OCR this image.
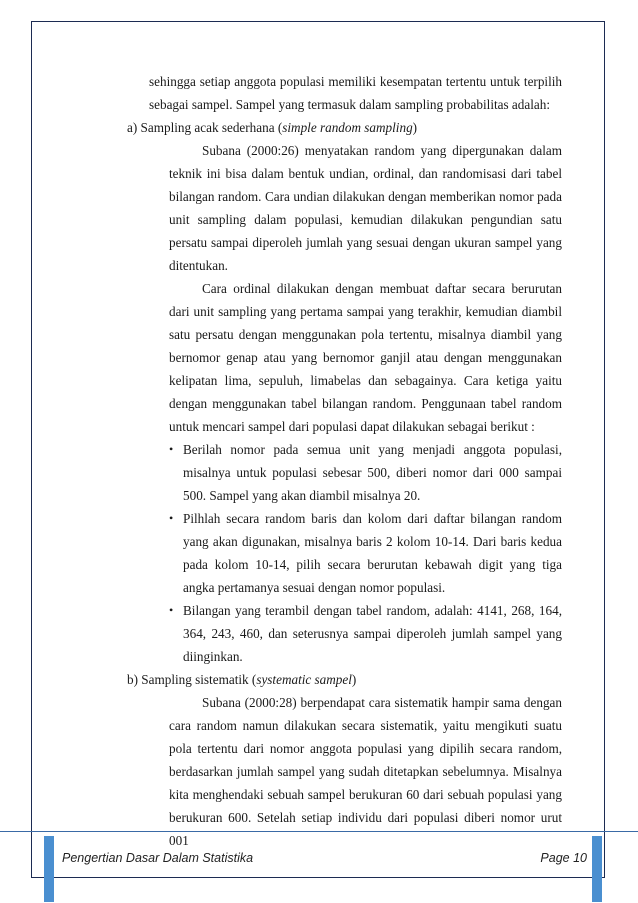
sehingga setiap anggota populasi memiliki kesempatan tertentu untuk terpilih sebagai sampel. Sampel yang termasuk dalam sampling probabilitas adalah:

a) Sampling acak sederhana (simple random sampling)

Subana (2000:26) menyatakan random yang dipergunakan dalam teknik ini bisa dalam bentuk undian, ordinal, dan randomisasi dari tabel bilangan random. Cara undian dilakukan dengan memberikan nomor pada unit sampling dalam populasi, kemudian dilakukan pengundian satu persatu sampai diperoleh jumlah yang sesuai dengan ukuran sampel yang ditentukan.

Cara ordinal dilakukan dengan membuat daftar secara berurutan dari unit sampling yang pertama sampai yang terakhir, kemudian diambil satu persatu dengan menggunakan pola tertentu, misalnya diambil yang bernomor genap atau yang bernomor ganjil atau dengan menggunakan kelipatan lima, sepuluh, limabelas dan sebagainya. Cara ketiga yaitu dengan menggunakan tabel bilangan random. Penggunaan tabel random untuk mencari sampel dari populasi dapat dilakukan sebagai berikut :

• Berilah nomor pada semua unit yang menjadi anggota populasi, misalnya untuk populasi sebesar 500, diberi nomor dari 000 sampai 500. Sampel yang akan diambil misalnya 20.
• Pilhlah secara random baris dan kolom dari daftar bilangan random yang akan digunakan, misalnya baris 2 kolom 10-14. Dari baris kedua pada kolom 10-14, pilih secara berurutan kebawah digit yang tiga angka pertamanya sesuai dengan nomor populasi.
• Bilangan yang terambil dengan tabel random, adalah: 4141, 268, 164, 364, 243, 460, dan seterusnya sampai diperoleh jumlah sampel yang diinginkan.

b) Sampling sistematik (systematic sampel)

Subana (2000:28) berpendapat cara sistematik hampir sama dengan cara random namun dilakukan secara sistematik, yaitu mengikuti suatu pola tertentu dari nomor anggota populasi yang dipilih secara random, berdasarkan jumlah sampel yang sudah ditetapkan sebelumnya. Misalnya kita menghendaki sebuah sampel berukuran 60 dari sebuah populasi yang berukuran 600. Setelah setiap individu dari populasi diberi nomor urut 001

Pengertian Dasar Dalam Statistika	Page 10
